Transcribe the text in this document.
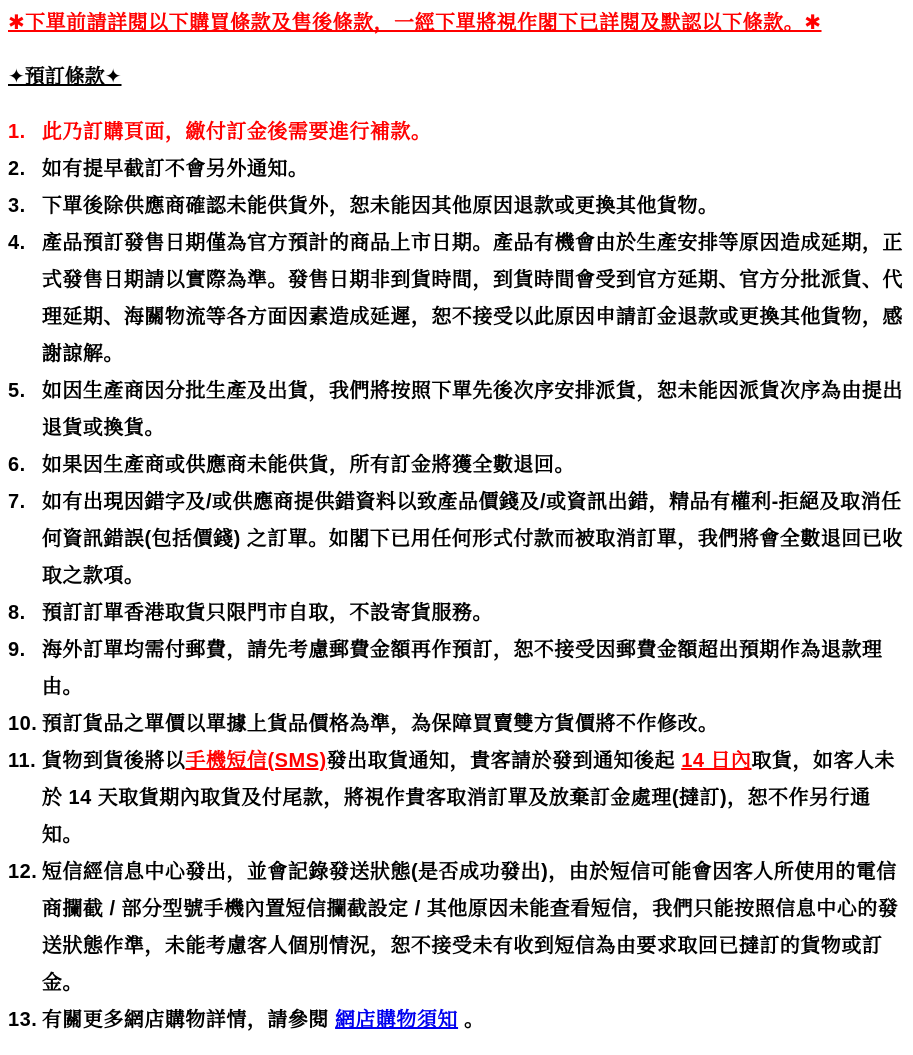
✱下單前請詳閱以下購買條款及售後條款，一經下單將視作閣下已詳閱及默認以下條款。✱
✦預訂條款✦
1. 此乃訂購頁面，繳付訂金後需要進行補款。
2. 如有提早截訂不會另外通知。
3. 下單後除供應商確認未能供貨外，恕未能因其他原因退款或更換其他貨物。
4. 產品預訂發售日期僅為官方預計的商品上市日期。產品有機會由於生產安排等原因造成延期，正式發售日期請以實際為準。發售日期非到貨時間，到貨時間會受到官方延期、官方分批派貨、代理延期、海關物流等各方面因素造成延遲，恕不接受以此原因申請訂金退款或更換其他貨物，感謝諒解。
5. 如因生產商因分批生產及出貨，我們將按照下單先後次序安排派貨，恕未能因派貨次序為由提出退貨或換貨。
6. 如果因生產商或供應商未能供貨，所有訂金將獲全數退回。
7. 如有出現因錯字及/或供應商提供錯資料以致產品價錢及/或資訊出錯，精品有權利-拒絕及取消任何資訊錯誤(包括價錢) 之訂單。如閣下已用任何形式付款而被取消訂單，我們將會全數退回已收取之款項。
8. 預訂訂單香港取貨只限門市自取，不設寄貨服務。
9. 海外訂單均需付郵費，請先考慮郵費金額再作預訂，恕不接受因郵費金額超出預期作為退款理由。
10. 預訂貨品之單價以單據上貨品價格為準，為保障買賣雙方貨價將不作修改。
11. 貨物到貨後將以手機短信(SMS)發出取貨通知，貴客請於發到通知後起 14 日內取貨，如客人未於 14 天取貨期內取貨及付尾款，將視作貴客取消訂單及放棄訂金處理(撻訂)，恕不作另行通知。
12. 短信經信息中心發出，並會記錄發送狀態(是否成功發出)，由於短信可能會因客人所使用的電信商攔截 / 部分型號手機內置短信攔截設定 / 其他原因未能查看短信，我們只能按照信息中心的發送狀態作準，未能考慮客人個別情況，恕不接受未有收到短信為由要求取回已撻訂的貨物或訂金。
13. 有關更多網店購物詳情，請參閱 網店購物須知 。
